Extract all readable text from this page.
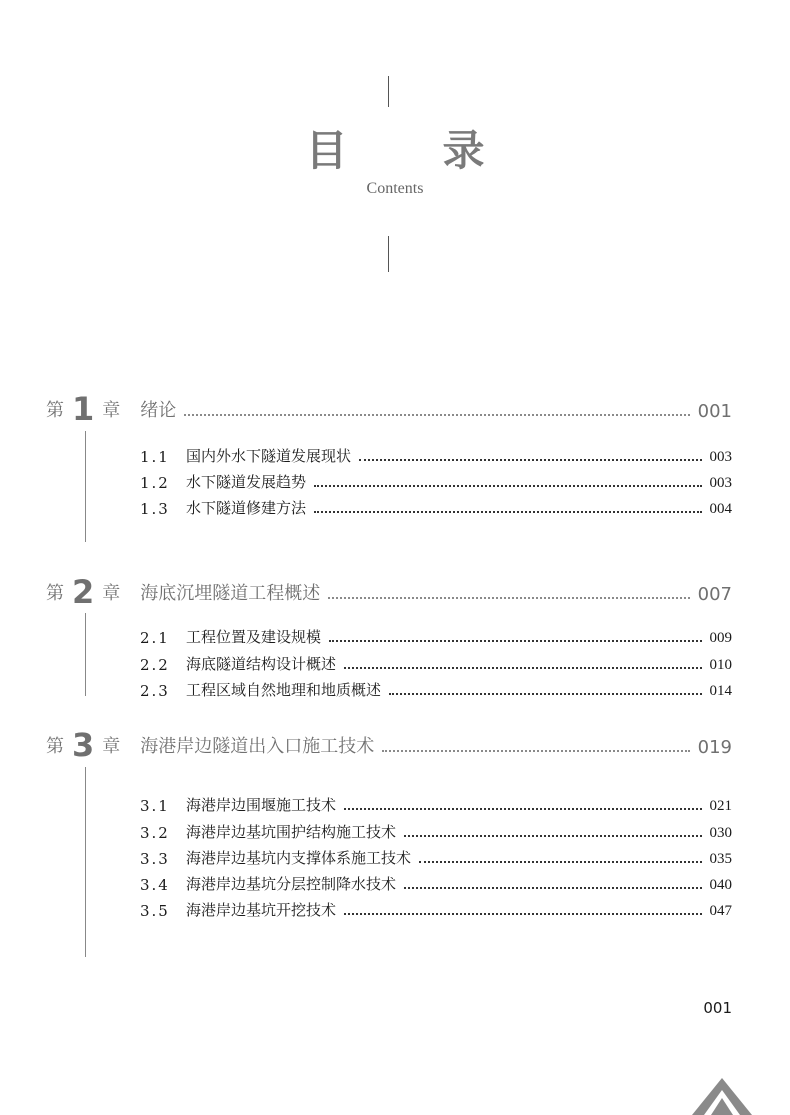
目 录
Contents
第 1 章 绪论	001
1.1	国内外水下隧道发展现状	003
1.2	水下隧道发展趋势	003
1.3	水下隧道修建方法	004
第 2 章 海底沉埋隧道工程概述	007
2.1	工程位置及建设规模	009
2.2	海底隧道结构设计概述	010
2.3	工程区域自然地理和地质概述	014
第 3 章 海港岸边隧道出入口施工技术	019
3.1	海港岸边围堰施工技术	021
3.2	海港岸边基坑围护结构施工技术	030
3.3	海港岸边基坑内支撑体系施工技术	035
3.4	海港岸边基坑分层控制降水技术	040
3.5	海港岸边基坑开挖技术	047
001
